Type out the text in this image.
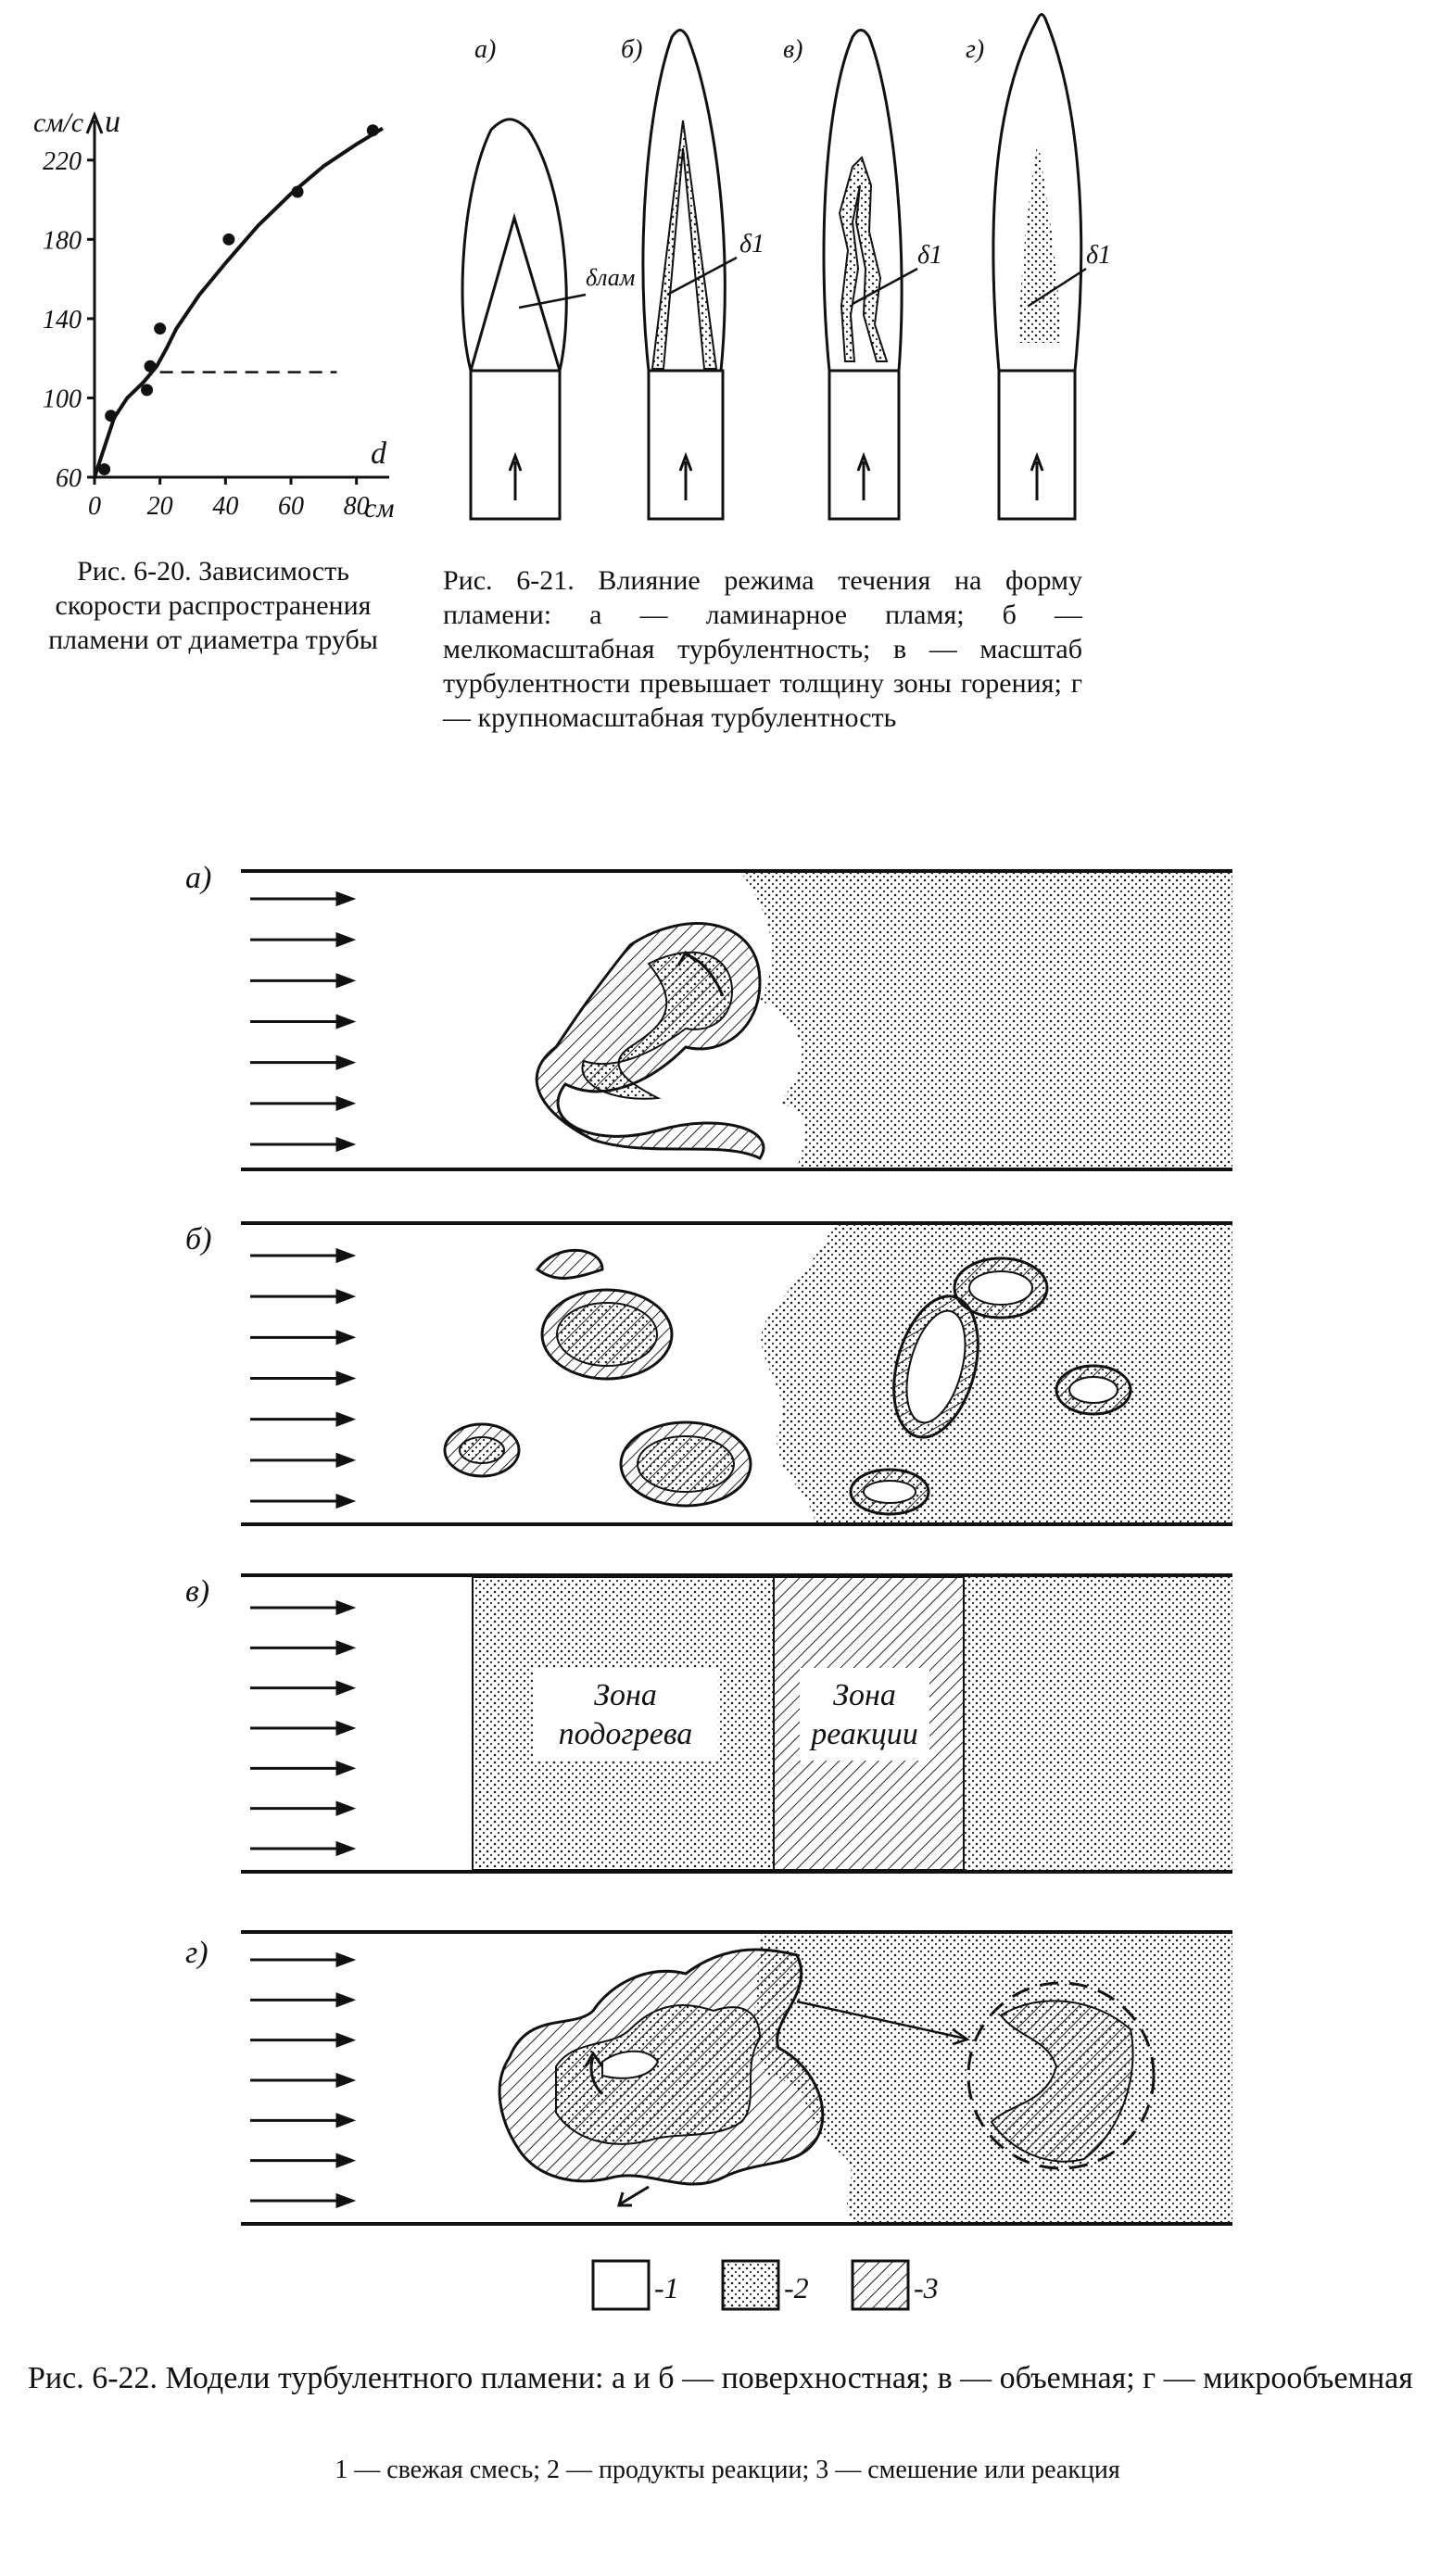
60
100
140
180
220
0 20 40 60 80
см/с u
d
см
Рис. 6-20. Зависимость скорости распространения пламени от диаметра трубы
а)	б)	в)	г)
δлам
δ1	δ1	δ1
Рис. 6-21. Влияние режима течения на форму пламени: а — ламинарное пламя; б — мелкомасштабная турбулентность; в — масштаб турбулентности превышает толщину зоны горения; г — крупномасштабная турбулентность
а)
б)
в)
г)
Зона
подогрева
Зона
реакции
-1	-2	-3
Рис. 6-22. Модели турбулентного пламени: а и б — поверхностная; в — объемная; г — микрообъемная
1 — свежая смесь; 2 — продукты реакции; 3 — смешение или реакция
